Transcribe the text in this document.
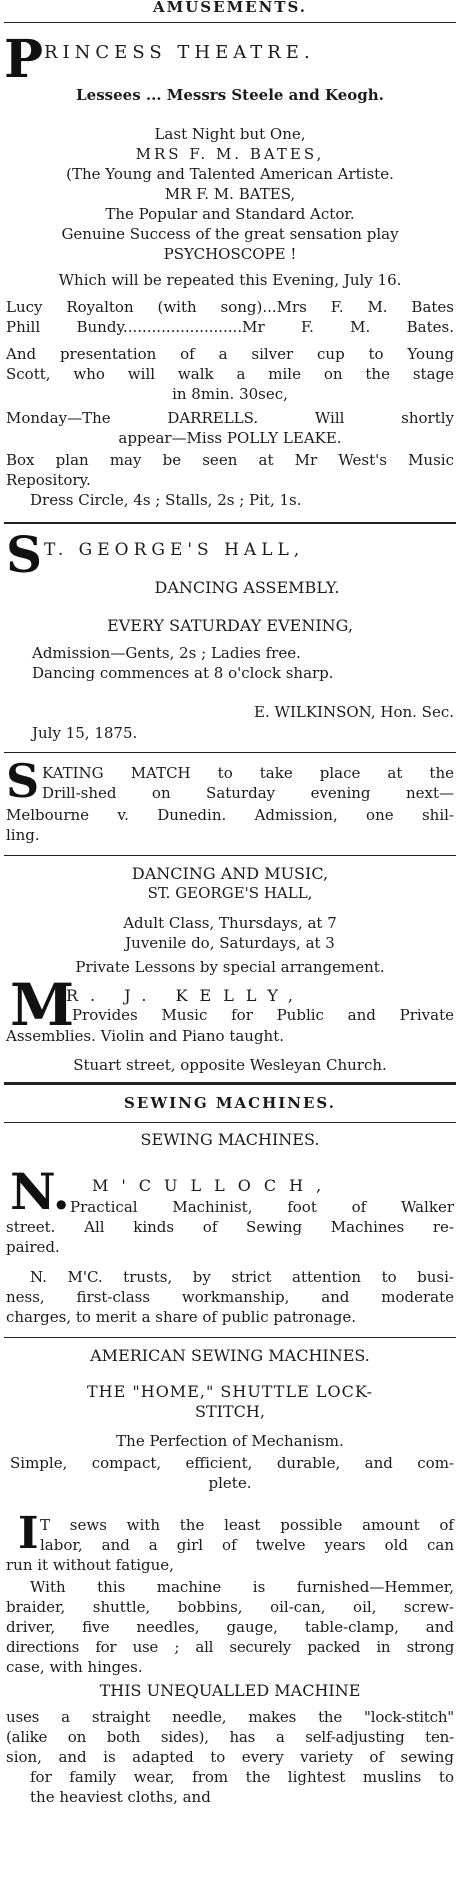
AMUSEMENTS.
P RINCESS THEATRE.
Lessees ... Messrs Steele and Keogh.
Last Night but One,
MRS F. M. BATES,
(The Young and Talented American Artiste.
MR F. M. BATES,
The Popular and Standard Actor.
Genuine Success of the great sensation play
PSYCHOSCOPE !
Which will be repeated this Evening, July 16.
Lucy Royalton (with song)...Mrs F. M. Bates
Phill Bundy.........................Mr F. M. Bates.
And presentation of a silver cup to Young
Scott, who will walk a mile on the stage
in 8min. 30sec,
Monday—The DARRELLS. Will shortly
appear—Miss POLLY LEAKE.
Box plan may be seen at Mr West's Music
Repository.
Dress Circle, 4s ; Stalls, 2s ; Pit, 1s.
S T. GEORGE'S HALL,
DANCING ASSEMBLY.
EVERY SATURDAY EVENING,
Admission—Gents, 2s ; Ladies free.
Dancing commences at 8 o'clock sharp.
E. WILKINSON, Hon. Sec.
July 15, 1875.
S KATING MATCH to take place at the
Drill-shed on Saturday evening next—
Melbourne v. Dunedin. Admission, one shil-
ling.
DANCING AND MUSIC,
ST. GEORGE'S HALL,
Adult Class, Thursdays, at 7
Juvenile do, Saturdays, at 3
Private Lessons by special arrangement.
M
R. J. KELLY,
Provides Music for Public and Private
Assemblies. Violin and Piano taught.
Stuart street, opposite Wesleyan Church.
SEWING MACHINES.
SEWING MACHINES.
N. M'CULLOCH,
Practical Machinist, foot of Walker
street. All kinds of Sewing Machines re-
paired.
N. M'C. trusts, by strict attention to busi-
ness, first-class workmanship, and moderate
charges, to merit a share of public patronage.
AMERICAN SEWING MACHINES.
THE "HOME," SHUTTLE LOCK-
STITCH,
The Perfection of Mechanism.
Simple, compact, efficient, durable, and com-
plete.
I T sews with the least possible amount of
labor, and a girl of twelve years old can
run it without fatigue,
With this machine is furnished—Hemmer,
braider, shuttle, bobbins, oil-can, oil, screw-
driver, five needles, gauge, table-clamp, and
directions for use ; all securely packed in strong
case, with hinges.
THIS UNEQUALLED MACHINE
uses a straight needle, makes the "lock-stitch"
(alike on both sides), has a self-adjusting ten-
sion, and is adapted to every variety of sewing
for family wear, from the lightest muslins to
the heaviest cloths, and
